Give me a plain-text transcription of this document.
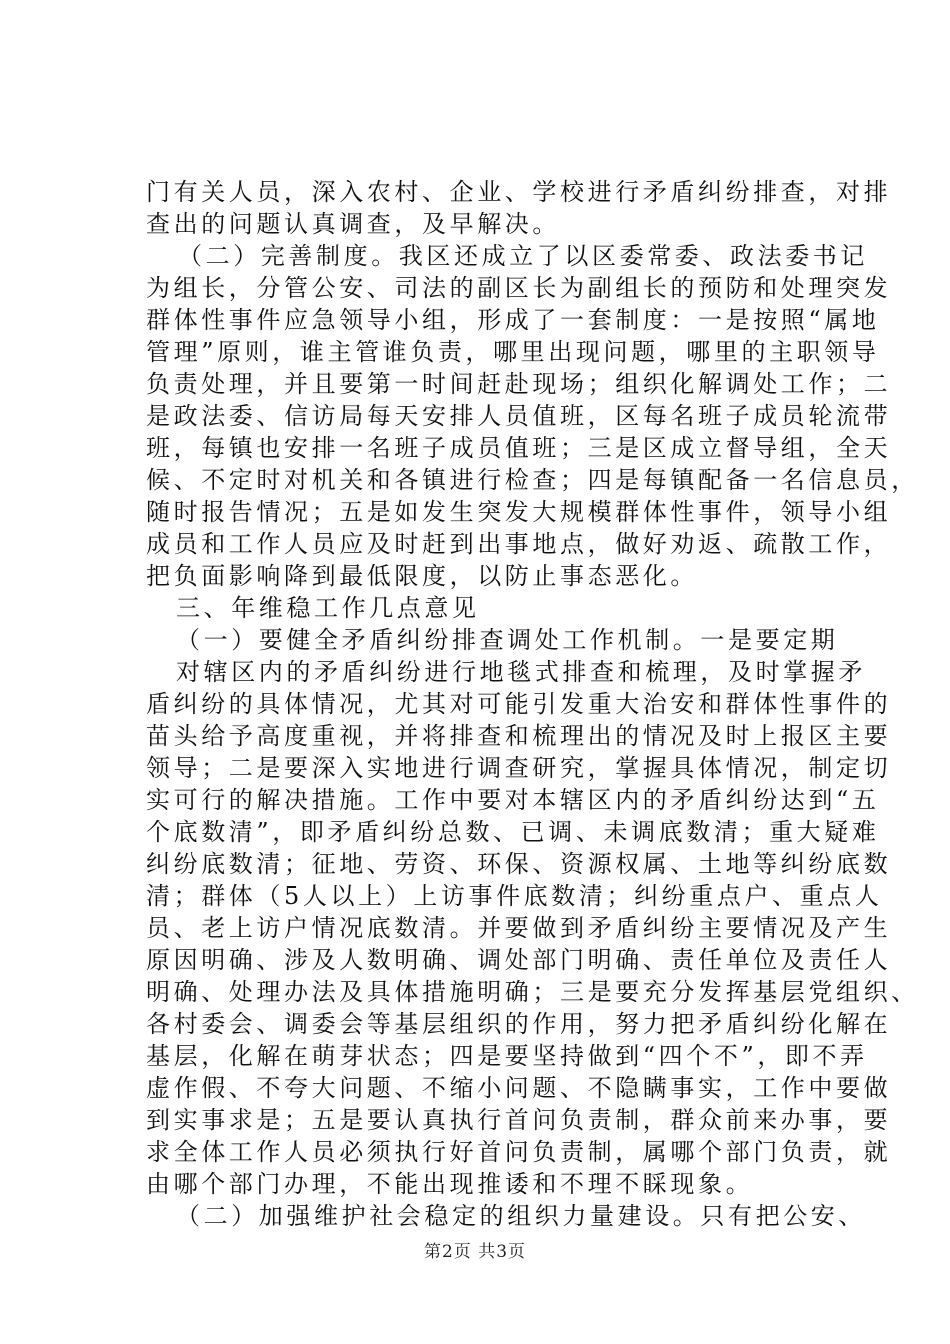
门有关人员，深入农村、企业、学校进行矛盾纠纷排查，对排
查出的问题认真调查，及早解决。
（二）完善制度。我区还成立了以区委常委、政法委书记
为组长，分管公安、司法的副区长为副组长的预防和处理突发
群体性事件应急领导小组，形成了一套制度：一是按照“属地
管理”原则，谁主管谁负责，哪里出现问题，哪里的主职领导
负责处理，并且要第一时间赶赴现场；组织化解调处工作；二
是政法委、信访局每天安排人员值班，区每名班子成员轮流带
班，每镇也安排一名班子成员值班；三是区成立督导组，全天
候、不定时对机关和各镇进行检查；四是每镇配备一名信息员，
随时报告情况；五是如发生突发大规模群体性事件，领导小组
成员和工作人员应及时赶到出事地点，做好劝返、疏散工作，
把负面影响降到最低限度，以防止事态恶化。
三、年维稳工作几点意见
（一）要健全矛盾纠纷排查调处工作机制。一是要定期
对辖区内的矛盾纠纷进行地毯式排查和梳理，及时掌握矛
盾纠纷的具体情况，尤其对可能引发重大治安和群体性事件的
苗头给予高度重视，并将排查和梳理出的情况及时上报区主要
领导；二是要深入实地进行调查研究，掌握具体情况，制定切
实可行的解决措施。工作中要对本辖区内的矛盾纠纷达到“五
个底数清”，即矛盾纠纷总数、已调、未调底数清；重大疑难
纠纷底数清；征地、劳资、环保、资源权属、土地等纠纷底数
清；群体（5人以上）上访事件底数清；纠纷重点户、重点人
员、老上访户情况底数清。并要做到矛盾纠纷主要情况及产生
原因明确、涉及人数明确、调处部门明确、责任单位及责任人
明确、处理办法及具体措施明确；三是要充分发挥基层党组织、
各村委会、调委会等基层组织的作用，努力把矛盾纠纷化解在
基层，化解在萌芽状态；四是要坚持做到“四个不”，即不弄
虚作假、不夸大问题、不缩小问题、不隐瞒事实，工作中要做
到实事求是；五是要认真执行首问负责制，群众前来办事，要
求全体工作人员必须执行好首问负责制，属哪个部门负责，就
由哪个部门办理，不能出现推诿和不理不睬现象。
（二）加强维护社会稳定的组织力量建设。只有把公安、
第2页 共3页
